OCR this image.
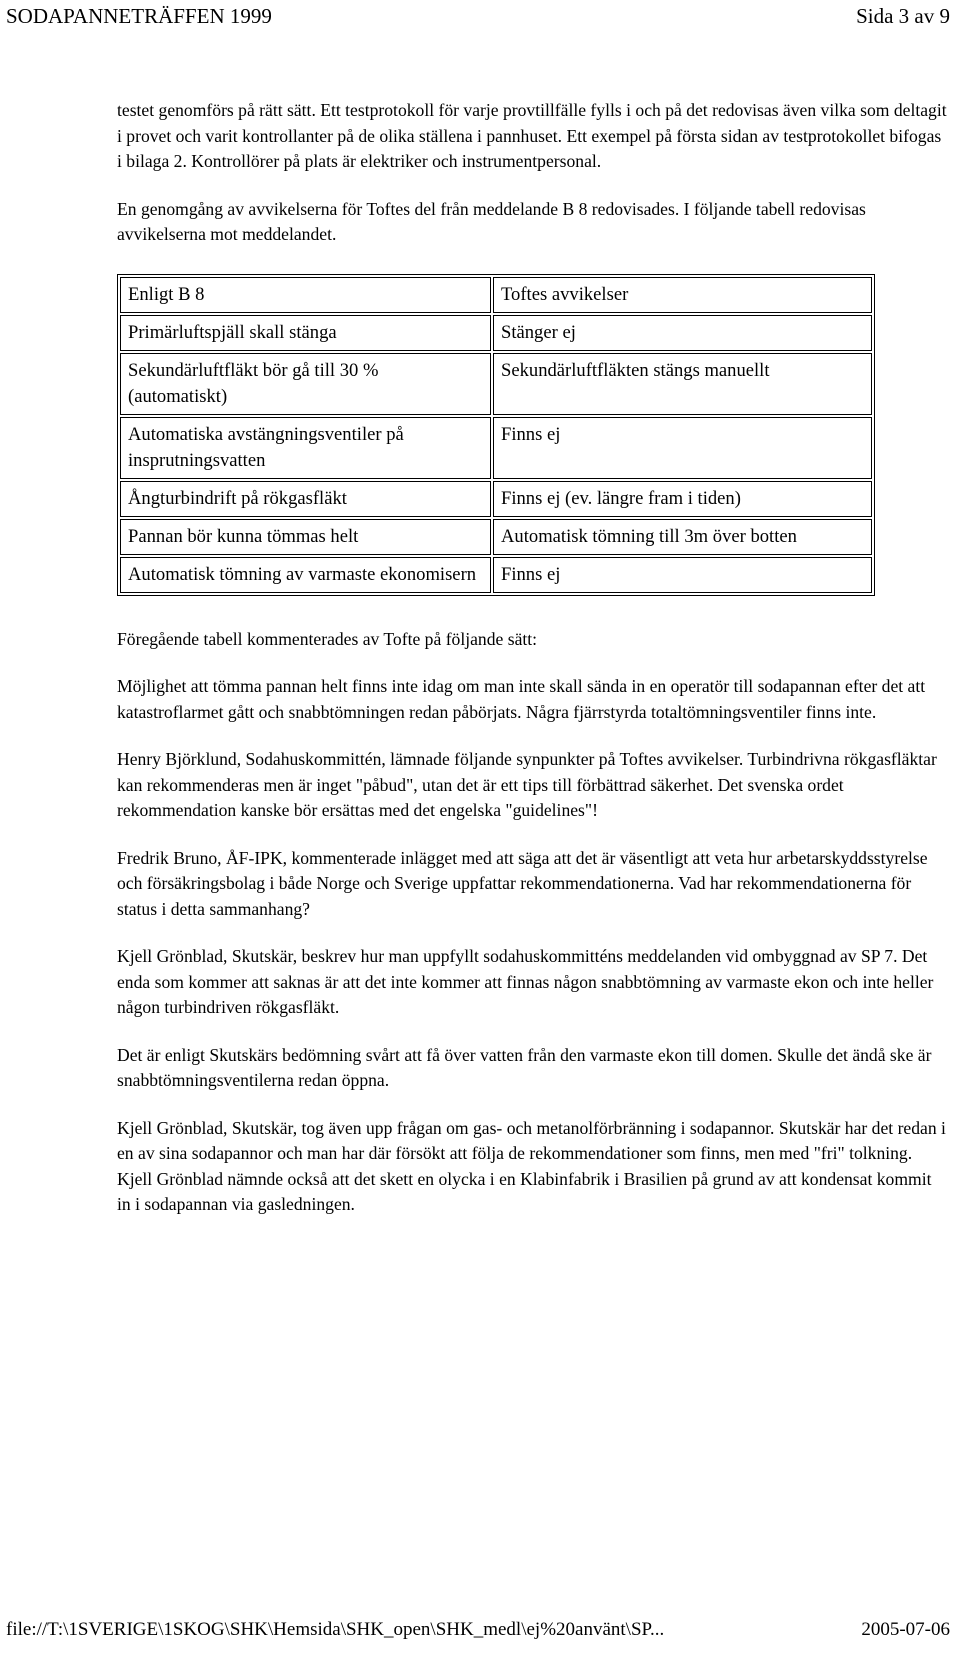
SODAPANNETRÄFFEN 1999	Sida 3 av 9

testet genomförs på rätt sätt. Ett testprotokoll för varje provtillfälle fylls i och på det redovisas även vilka som deltagit i provet och varit kontrollanter på de olika ställena i pannhuset. Ett exempel på första sidan av testprotokollet bifogas i bilaga 2. Kontrollörer på plats är elektriker och instrumentpersonal.

En genomgång av avvikelserna för Toftes del från meddelande B 8 redovisades. I följande tabell redovisas avvikelserna mot meddelandet.

Enligt B 8	Toftes avvikelser
Primärluftspjäll skall stänga	Stänger ej
Sekundärluftfläkt bör gå till 30 % (automatiskt)	Sekundärluftfläkten stängs manuellt
Automatiska avstängningsventiler på insprutningsvatten	Finns ej
Ångturbindrift på rökgasfläkt	Finns ej (ev. längre fram i tiden)
Pannan bör kunna tömmas helt	Automatisk tömning till 3m över botten
Automatisk tömning av varmaste ekonomisern	Finns ej

Föregående tabell kommenterades av Tofte på följande sätt:

Möjlighet att tömma pannan helt finns inte idag om man inte skall sända in en operatör till sodapannan efter det att katastroflarmet gått och snabbtömningen redan påbörjats. Några fjärrstyrda totaltömningsventiler finns inte.

Henry Björklund, Sodahuskommittén, lämnade följande synpunkter på Toftes avvikelser. Turbindrivna rökgasfläktar kan rekommenderas men är inget "påbud", utan det är ett tips till förbättrad säkerhet. Det svenska ordet rekommendation kanske bör ersättas med det engelska "guidelines"!

Fredrik Bruno, ÅF-IPK, kommenterade inlägget med att säga att det är väsentligt att veta hur arbetarskyddsstyrelse och försäkringsbolag i både Norge och Sverige uppfattar rekommendationerna. Vad har rekommendationerna för status i detta sammanhang?

Kjell Grönblad, Skutskär, beskrev hur man uppfyllt sodahuskommitténs meddelanden vid ombyggnad av SP 7. Det enda som kommer att saknas är att det inte kommer att finnas någon snabbtömning av varmaste ekon och inte heller någon turbindriven rökgasfläkt.

Det är enligt Skutskärs bedömning svårt att få över vatten från den varmaste ekon till domen. Skulle det ändå ske är snabbtömningsventilerna redan öppna.

Kjell Grönblad, Skutskär, tog även upp frågan om gas- och metanolförbränning i sodapannor. Skutskär har det redan i en av sina sodapannor och man har där försökt att följa de rekommendationer som finns, men med "fri" tolkning. Kjell Grönblad nämnde också att det skett en olycka i en Klabinfabrik i Brasilien på grund av att kondensat kommit in i sodapannan via gasledningen.

file://T:\1SVERIGE\1SKOG\SHK\Hemsida\SHK_open\SHK_medl\ej%20använt\SP...	2005-07-06
